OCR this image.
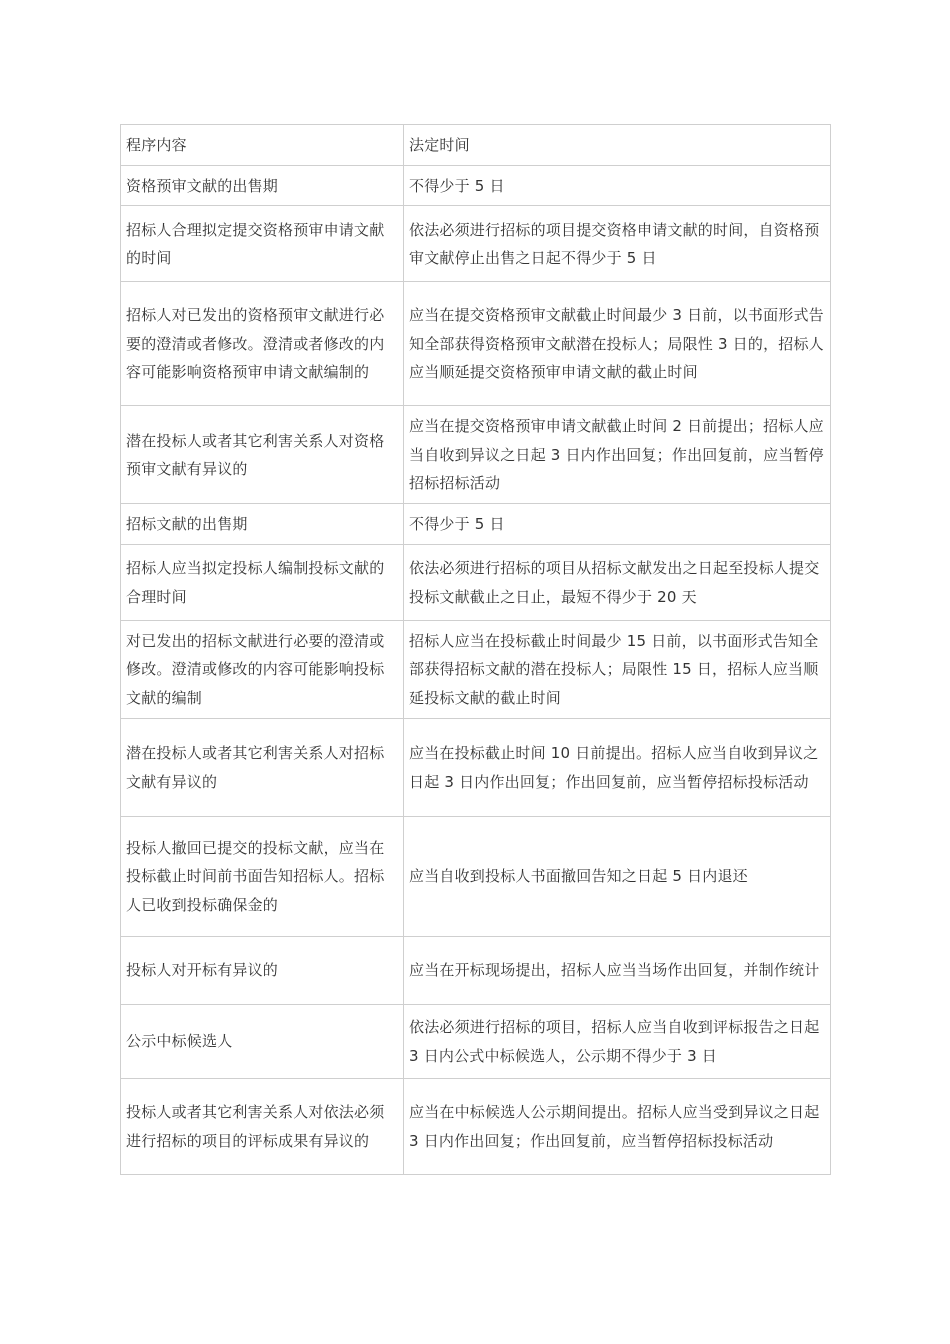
程序内容	法定时间
资格预审文献的出售期	不得少于 5 日
招标人合理拟定提交资格预审申请文献的时间	依法必须进行招标的项目提交资格申请文献的时间，自资格预审文献停止出售之日起不得少于 5 日
招标人对已发出的资格预审文献进行必要的澄清或者修改。澄清或者修改的内容可能影响资格预审申请文献编制的	应当在提交资格预审文献截止时间最少 3 日前，以书面形式告知全部获得资格预审文献潜在投标人；局限性 3 日的，招标人应当顺延提交资格预审申请文献的截止时间
潜在投标人或者其它利害关系人对资格预审文献有异议的	应当在提交资格预审申请文献截止时间 2 日前提出；招标人应当自收到异议之日起 3 日内作出回复；作出回复前，应当暂停招标招标活动
招标文献的出售期	不得少于 5 日
招标人应当拟定投标人编制投标文献的合理时间	依法必须进行招标的项目从招标文献发出之日起至投标人提交投标文献截止之日止，最短不得少于 20 天
对已发出的招标文献进行必要的澄清或修改。澄清或修改的内容可能影响投标文献的编制	招标人应当在投标截止时间最少 15 日前，以书面形式告知全部获得招标文献的潜在投标人；局限性 15 日，招标人应当顺延投标文献的截止时间
潜在投标人或者其它利害关系人对招标文献有异议的	应当在投标截止时间 10 日前提出。招标人应当自收到异议之日起 3 日内作出回复；作出回复前，应当暂停招标投标活动
投标人撤回已提交的投标文献，应当在投标截止时间前书面告知招标人。招标人已收到投标确保金的	应当自收到投标人书面撤回告知之日起 5 日内退还
投标人对开标有异议的	应当在开标现场提出，招标人应当当场作出回复，并制作统计
公示中标候选人	依法必须进行招标的项目，招标人应当自收到评标报告之日起 3 日内公式中标候选人，公示期不得少于 3 日
投标人或者其它利害关系人对依法必须进行招标的项目的评标成果有异议的	应当在中标候选人公示期间提出。招标人应当受到异议之日起 3 日内作出回复；作出回复前，应当暂停招标投标活动
